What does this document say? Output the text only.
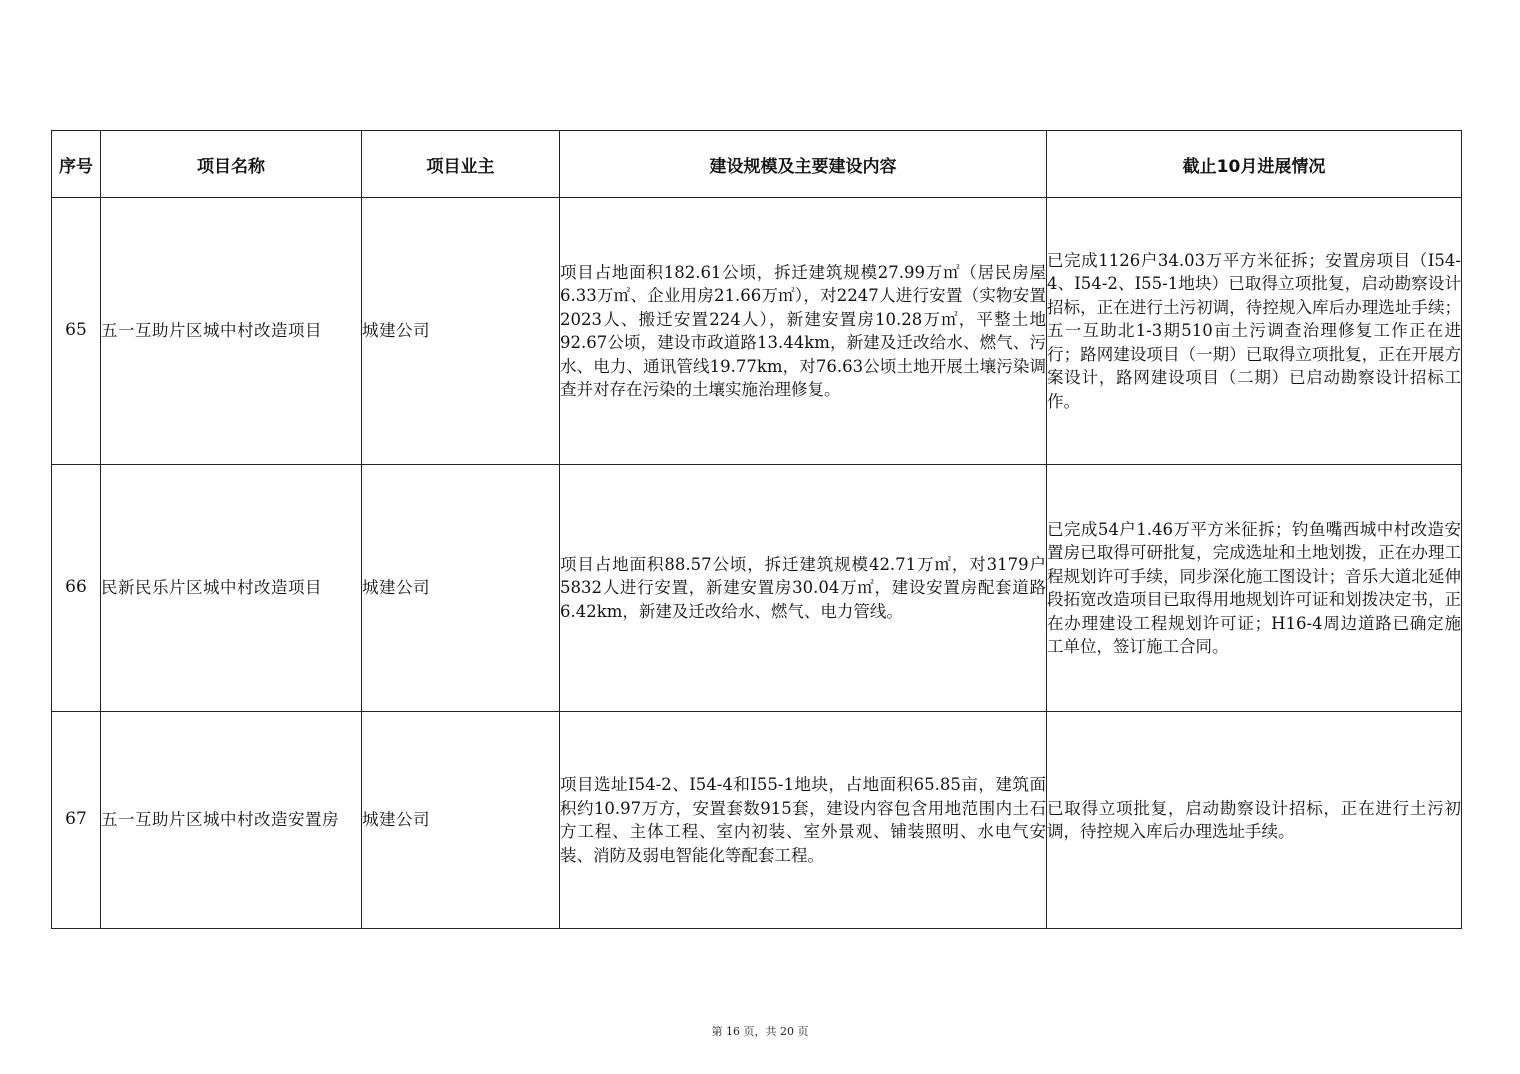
序号	项目名称	项目业主	建设规模及主要建设内容	截止10月进展情况
65	五一互助片区城中村改造项目	城建公司	项目占地面积182.61公顷，拆迁建筑规模27.99万㎡（居民房屋6.33万㎡、企业用房21.66万㎡），对2247人进行安置（实物安置2023人、搬迁安置224人），新建安置房10.28万㎡，平整土地92.67公顷，建设市政道路13.44km，新建及迁改给水、燃气、污水、电力、通讯管线19.77km，对76.63公顷土地开展土壤污染调查并对存在污染的土壤实施治理修复。	已完成1126户34.03万平方米征拆；安置房项目（I54-4、I54-2、I55-1地块）已取得立项批复，启动勘察设计招标，正在进行土污初调，待控规入库后办理选址手续；五一互助北1-3期510亩土污调查治理修复工作正在进行；路网建设项目（一期）已取得立项批复，正在开展方案设计，路网建设项目（二期）已启动勘察设计招标工作。
66	民新民乐片区城中村改造项目	城建公司	项目占地面积88.57公顷，拆迁建筑规模42.71万㎡，对3179户5832人进行安置，新建安置房30.04万㎡，建设安置房配套道路6.42km，新建及迁改给水、燃气、电力管线。	已完成54户1.46万平方米征拆；钓鱼嘴西城中村改造安置房已取得可研批复，完成选址和土地划拨，正在办理工程规划许可手续，同步深化施工图设计；音乐大道北延伸段拓宽改造项目已取得用地规划许可证和划拨决定书，正在办理建设工程规划许可证；H16-4周边道路已确定施工单位，签订施工合同。
67	五一互助片区城中村改造安置房	城建公司	项目选址I54-2、I54-4和I55-1地块，占地面积65.85亩，建筑面积约10.97万方，安置套数915套，建设内容包含用地范围内土石方工程、主体工程、室内初装、室外景观、铺装照明、水电气安装、消防及弱电智能化等配套工程。	已取得立项批复，启动勘察设计招标，正在进行土污初调，待控规入库后办理选址手续。
第 16 页，共 20 页
